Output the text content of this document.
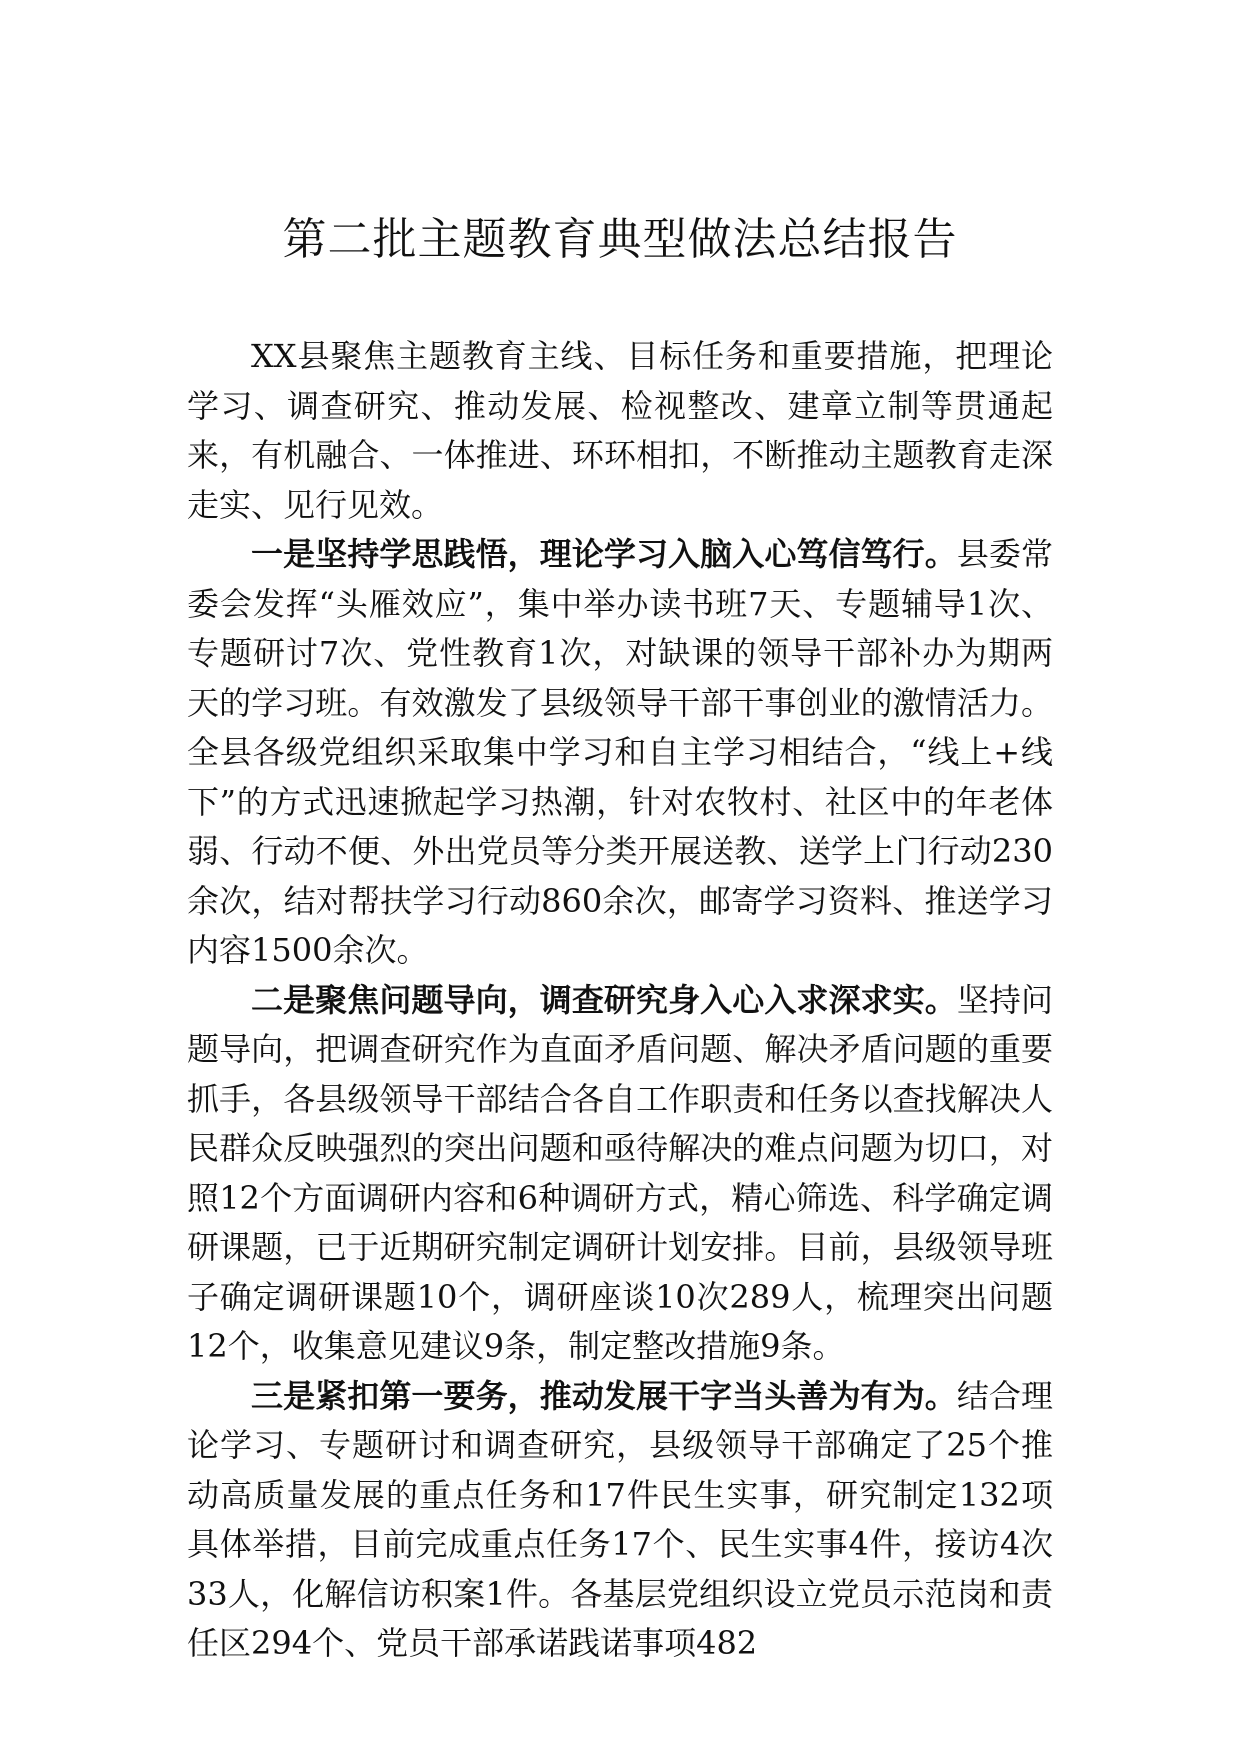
第二批主题教育典型做法总结报告

XX县聚焦主题教育主线、目标任务和重要措施，把理论学习、调查研究、推动发展、检视整改、建章立制等贯通起来，有机融合、一体推进、环环相扣，不断推动主题教育走深走实、见行见效。

一是坚持学思践悟，理论学习入脑入心笃信笃行。县委常委会发挥“头雁效应”，集中举办读书班7天、专题辅导1次、专题研讨7次、党性教育1次，对缺课的领导干部补办为期两天的学习班。有效激发了县级领导干部干事创业的激情活力。全县各级党组织采取集中学习和自主学习相结合，“线上+线下”的方式迅速掀起学习热潮，针对农牧村、社区中的年老体弱、行动不便、外出党员等分类开展送教、送学上门行动230余次，结对帮扶学习行动860余次，邮寄学习资料、推送学习内容1500余次。

二是聚焦问题导向，调查研究身入心入求深求实。坚持问题导向，把调查研究作为直面矛盾问题、解决矛盾问题的重要抓手，各县级领导干部结合各自工作职责和任务以查找解决人民群众反映强烈的突出问题和亟待解决的难点问题为切口，对照12个方面调研内容和6种调研方式，精心筛选、科学确定调研课题，已于近期研究制定调研计划安排。目前，县级领导班子确定调研课题10个，调研座谈10次289人，梳理突出问题12个，收集意见建议9条，制定整改措施9条。

三是紧扣第一要务，推动发展干字当头善为有为。结合理论学习、专题研讨和调查研究，县级领导干部确定了25个推动高质量发展的重点任务和17件民生实事，研究制定132项具体举措，目前完成重点任务17个、民生实事4件，接访4次33人，化解信访积案1件。各基层党组织设立党员示范岗和责任区294个、党员干部承诺践诺事项482
